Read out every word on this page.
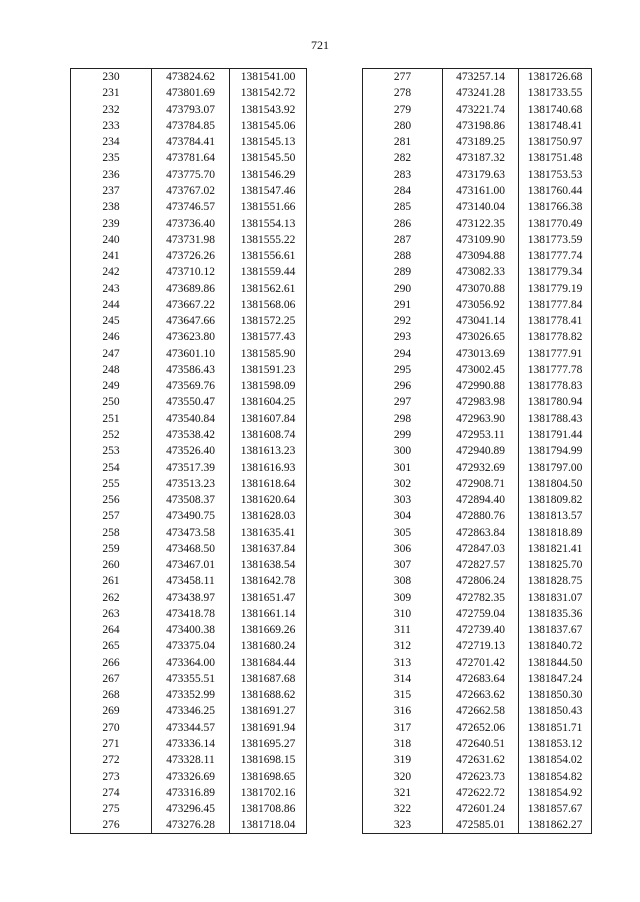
721
230	473824.62	1381541.00
231	473801.69	1381542.72
232	473793.07	1381543.92
233	473784.85	1381545.06
234	473784.41	1381545.13
235	473781.64	1381545.50
236	473775.70	1381546.29
237	473767.02	1381547.46
238	473746.57	1381551.66
239	473736.40	1381554.13
240	473731.98	1381555.22
241	473726.26	1381556.61
242	473710.12	1381559.44
243	473689.86	1381562.61
244	473667.22	1381568.06
245	473647.66	1381572.25
246	473623.80	1381577.43
247	473601.10	1381585.90
248	473586.43	1381591.23
249	473569.76	1381598.09
250	473550.47	1381604.25
251	473540.84	1381607.84
252	473538.42	1381608.74
253	473526.40	1381613.23
254	473517.39	1381616.93
255	473513.23	1381618.64
256	473508.37	1381620.64
257	473490.75	1381628.03
258	473473.58	1381635.41
259	473468.50	1381637.84
260	473467.01	1381638.54
261	473458.11	1381642.78
262	473438.97	1381651.47
263	473418.78	1381661.14
264	473400.38	1381669.26
265	473375.04	1381680.24
266	473364.00	1381684.44
267	473355.51	1381687.68
268	473352.99	1381688.62
269	473346.25	1381691.27
270	473344.57	1381691.94
271	473336.14	1381695.27
272	473328.11	1381698.15
273	473326.69	1381698.65
274	473316.89	1381702.16
275	473296.45	1381708.86
276	473276.28	1381718.04
277	473257.14	1381726.68
278	473241.28	1381733.55
279	473221.74	1381740.68
280	473198.86	1381748.41
281	473189.25	1381750.97
282	473187.32	1381751.48
283	473179.63	1381753.53
284	473161.00	1381760.44
285	473140.04	1381766.38
286	473122.35	1381770.49
287	473109.90	1381773.59
288	473094.88	1381777.74
289	473082.33	1381779.34
290	473070.88	1381779.19
291	473056.92	1381777.84
292	473041.14	1381778.41
293	473026.65	1381778.82
294	473013.69	1381777.91
295	473002.45	1381777.78
296	472990.88	1381778.83
297	472983.98	1381780.94
298	472963.90	1381788.43
299	472953.11	1381791.44
300	472940.89	1381794.99
301	472932.69	1381797.00
302	472908.71	1381804.50
303	472894.40	1381809.82
304	472880.76	1381813.57
305	472863.84	1381818.89
306	472847.03	1381821.41
307	472827.57	1381825.70
308	472806.24	1381828.75
309	472782.35	1381831.07
310	472759.04	1381835.36
311	472739.40	1381837.67
312	472719.13	1381840.72
313	472701.42	1381844.50
314	472683.64	1381847.24
315	472663.62	1381850.30
316	472662.58	1381850.43
317	472652.06	1381851.71
318	472640.51	1381853.12
319	472631.62	1381854.02
320	472623.73	1381854.82
321	472622.72	1381854.92
322	472601.24	1381857.67
323	472585.01	1381862.27
